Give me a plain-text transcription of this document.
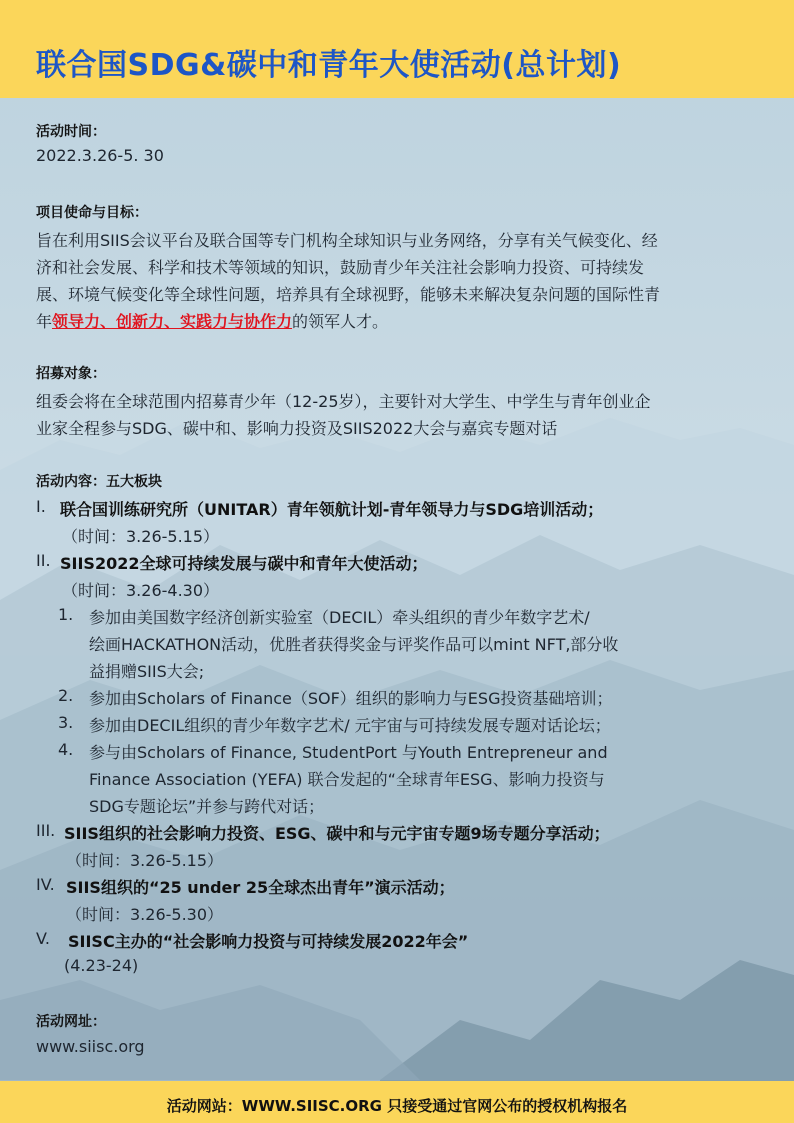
联合国SDG&碳中和青年大使活动(总计划)
活动时间：
2022.3.26-5. 30
项目使命与目标：
旨在利用SIIS会议平台及联合国等专门机构全球知识与业务网络，分享有关气候变化、经
济和社会发展、科学和技术等领域的知识，鼓励青少年关注社会影响力投资、可持续发
展、环境气候变化等全球性问题，培养具有全球视野，能够未来解决复杂问题的国际性青
年领导力、创新力、实践力与协作力的领军人才。
招募对象：
组委会将在全球范围内招募青少年（12-25岁），主要针对大学生、中学生与青年创业企
业家全程参与SDG、碳中和、影响力投资及SIIS2022大会与嘉宾专题对话
活动内容：五大板块
I. 联合国训练研究所（UNITAR）青年领航计划-青年领导力与SDG培训活动；
（时间：3.26-5.15）
II. SIIS2022全球可持续发展与碳中和青年大使活动；
（时间：3.26-4.30）
1. 参加由美国数字经济创新实验室（DECIL）牵头组织的青少年数字艺术/
绘画HACKATHON活动，优胜者获得奖金与评奖作品可以mint NFT,部分收
益捐赠SIIS大会;
2. 参加由Scholars of Finance（SOF）组织的影响力与ESG投资基础培训；
3. 参加由DECIL组织的青少年数字艺术/ 元宇宙与可持续发展专题对话论坛；
4. 参与由Scholars of Finance, StudentPort 与Youth Entrepreneur and
Finance Association (YEFA) 联合发起的“全球青年ESG、影响力投资与
SDG专题论坛”并参与跨代对话；
III. SIIS组织的社会影响力投资、ESG、碳中和与元宇宙专题9场专题分享活动；
（时间：3.26-5.15）
IV. SIIS组织的“25 under 25全球杰出青年”演示活动；
（时间：3.26-5.30）
V. SIISC主办的“社会影响力投资与可持续发展2022年会”
(4.23-24)
活动网址：
www.siisc.org
活动网站：WWW.SIISC.ORG 只接受通过官网公布的授权机构报名
